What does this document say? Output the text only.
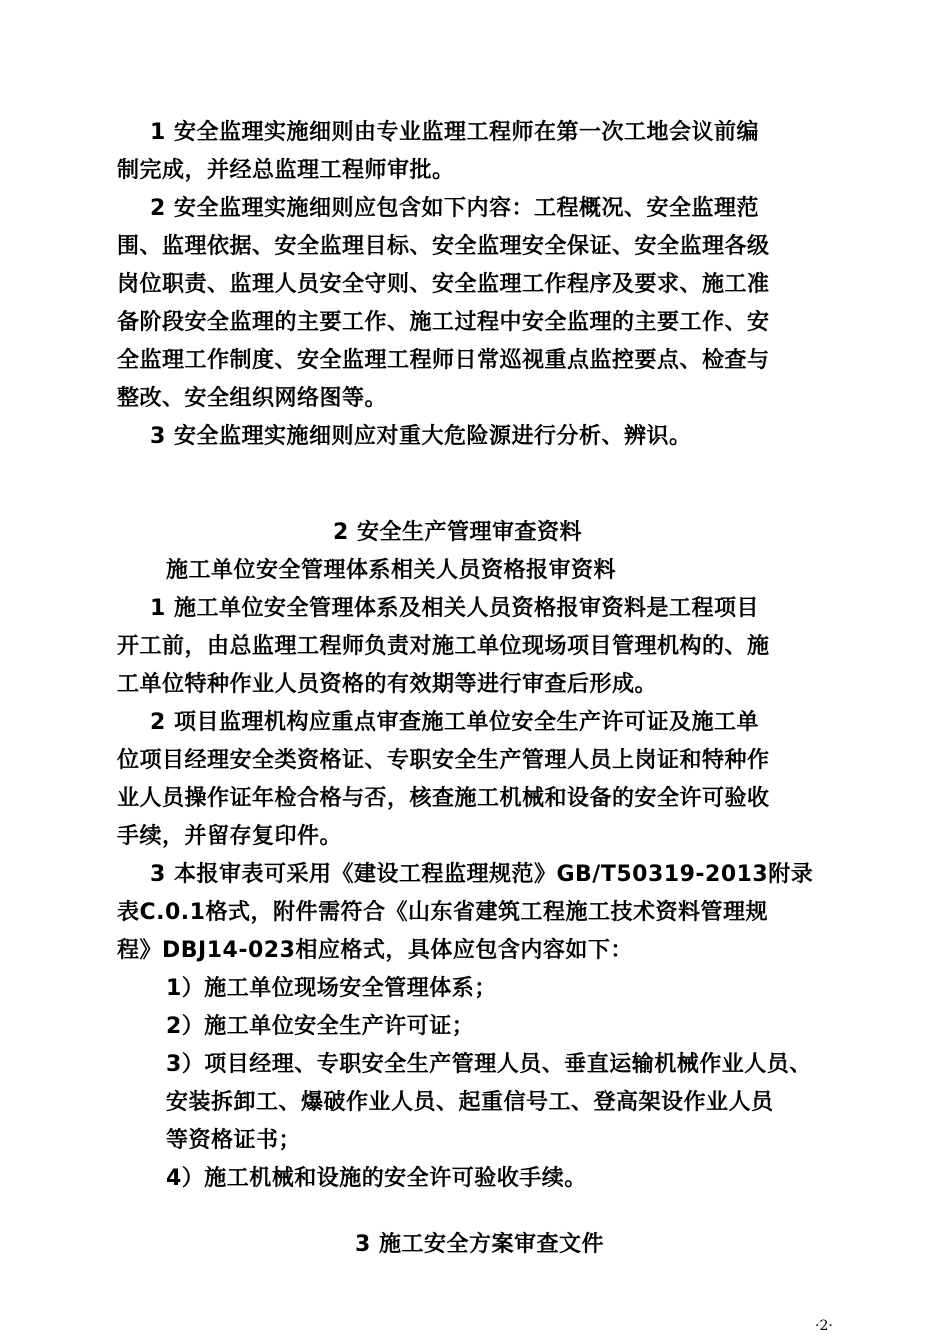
1 安全监理实施细则由专业监理工程师在第一次工地会议前编
制完成，并经总监理工程师审批。
2 安全监理实施细则应包含如下内容：工程概况、安全监理范
围、监理依据、安全监理目标、安全监理安全保证、安全监理各级
岗位职责、监理人员安全守则、安全监理工作程序及要求、施工准
备阶段安全监理的主要工作、施工过程中安全监理的主要工作、安
全监理工作制度、安全监理工程师日常巡视重点监控要点、检查与
整改、安全组织网络图等。
3 安全监理实施细则应对重大危险源进行分析、辨识。
2 安全生产管理审查资料
施工单位安全管理体系相关人员资格报审资料
1 施工单位安全管理体系及相关人员资格报审资料是工程项目
开工前，由总监理工程师负责对施工单位现场项目管理机构的、施
工单位特种作业人员资格的有效期等进行审查后形成。
2 项目监理机构应重点审查施工单位安全生产许可证及施工单
位项目经理安全类资格证、专职安全生产管理人员上岗证和特种作
业人员操作证年检合格与否，核查施工机械和设备的安全许可验收
手续，并留存复印件。
3 本报审表可采用《建设工程监理规范》GB/T50319-2013附录
表C.0.1格式，附件需符合《山东省建筑工程施工技术资料管理规
程》DBJ14-023相应格式，具体应包含内容如下：
1）施工单位现场安全管理体系；
2）施工单位安全生产许可证；
3）项目经理、专职安全生产管理人员、垂直运输机械作业人员、
安装拆卸工、爆破作业人员、起重信号工、登高架设作业人员
等资格证书；
4）施工机械和设施的安全许可验收手续。
3 施工安全方案审查文件
·2·
